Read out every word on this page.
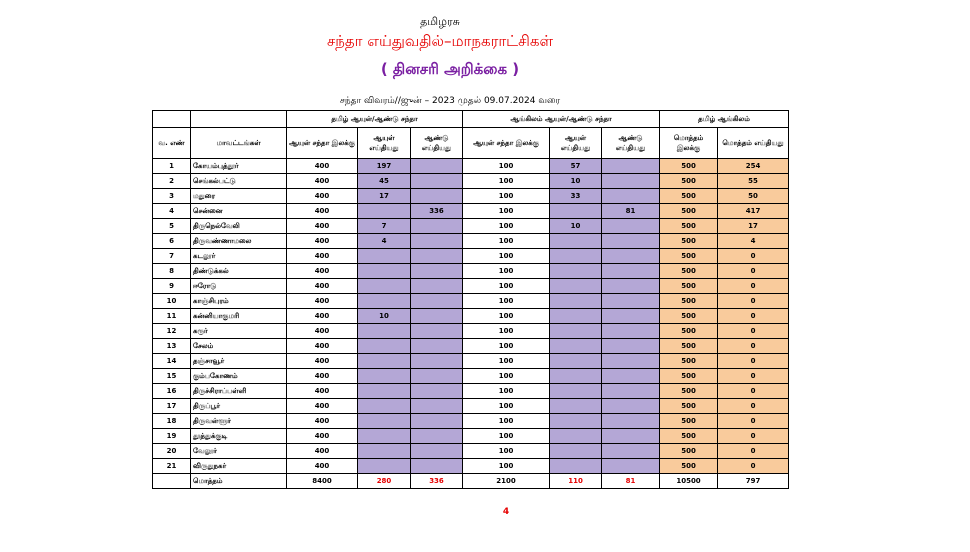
தமிழரசு
சந்தா எய்துவதில்–மாநகராட்சிகள்
( தினசரி அறிக்கை )
சந்தா விவரம்//ஜுன் – 2023 முதல் 09.07.2024 வரை
		தமிழ் ஆயுள்/ஆண்டு சந்தா			ஆங்கிலம் ஆயுள்/ஆண்டு சந்தா			தமிழ் ஆங்கிலம்	
வ. எண்	மாவட்டங்கள்	ஆயுள் சந்தா இலக்கு	ஆயுள் எய்தியது	ஆண்டு எய்தியது	ஆயுள் சந்தா இலக்கு	ஆயுள் எய்தியது	ஆண்டு எய்தியது	மொத்தம் இலக்கு	மொத்தம் எய்தியது
1	கோயம்புத்தூர்	400	197		100	57		500	254
2	செங்கல்பட்டு	400	45		100	10		500	55
3	மதுரை	400	17		100	33		500	50
4	சென்னை	400		336	100		81	500	417
5	திருநெல்வேலி	400	7		100	10		500	17
6	திருவண்ணாமலை	400	4		100			500	4
7	கடலூர்	400			100			500	0
8	திண்டுக்கல்	400			100			500	0
9	ஈரோடு	400			100			500	0
10	காஞ்சிபுரம்	400			100			500	0
11	கன்னியாகுமரி	400	10		100			500	0
12	கரூர்	400			100			500	0
13	சேலம்	400			100			500	0
14	தஞ்சாவூர்	400			100			500	0
15	கும்பகோணம்	400			100			500	0
16	திருச்சிராப்பள்ளி	400			100			500	0
17	திருப்பூர்	400			100			500	0
18	திருவள்ளூர்	400			100			500	0
19	தூத்துக்குடி	400			100			500	0
20	வேலூர்	400			100			500	0
21	விருதுநகர்	400			100			500	0
	மொத்தம்	8400	280	336	2100	110	81	10500	797
4
